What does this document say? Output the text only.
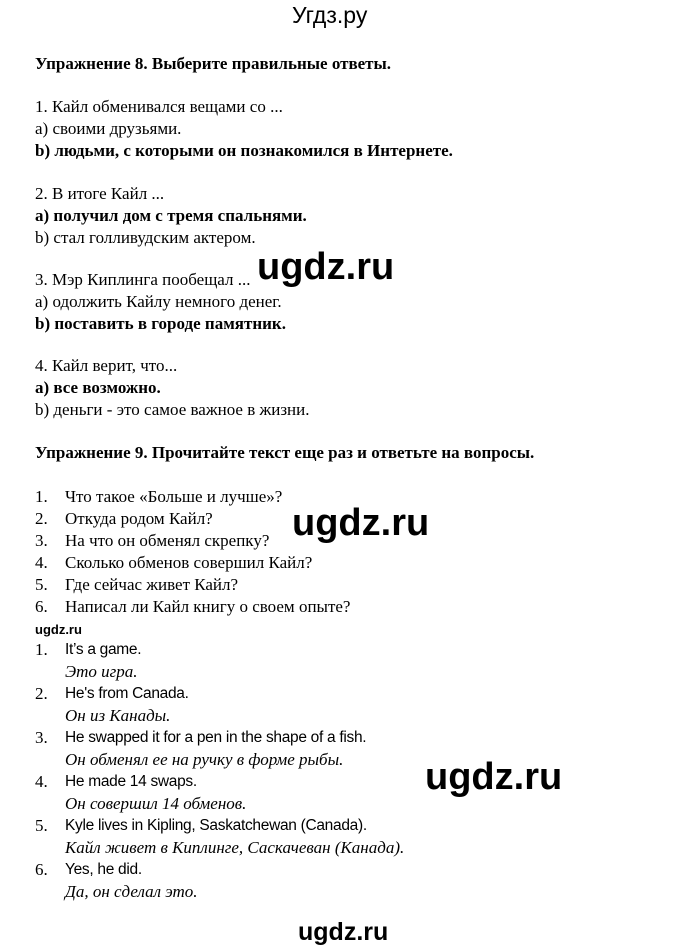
Угдз.ру
Упражнение 8. Выберите правильные ответы.
1. Кайл обменивался вещами со ...
а) своими друзьями.
b) людьми, с которыми он познакомился в Интернете.
2. В итоге Кайл ...
а) получил дом с тремя спальнями.
b) стал голливудским актером.
3. Мэр Киплинга пообещал ...
а) одолжить Кайлу немного денег.
b) поставить в городе памятник.
4. Кайл верит, что...
а) все возможно.
b) деньги - это самое важное в жизни.
Упражнение 9. Прочитайте текст еще раз и ответьте на вопросы.
1.	Что такое «Больше и лучше»?
2.	Откуда родом Кайл?
3.	На что он обменял скрепку?
4.	Сколько обменов совершил Кайл?
5.	Где сейчас живет Кайл?
6.	Написал ли Кайл книгу о своем опыте?
ugdz.ru
1.	It’s a game.
Это игра.
2.	He's from Canada.
Он из Канады.
3.	He swapped it for a pen in the shape of a fish.
Он обменял ее на ручку в форме рыбы.
4.	He made 14 swaps.
Он совершил 14 обменов.
5.	Kyle lives in Kipling, Saskatchewan (Canada).
Кайл живет в Киплинге, Саскачеван (Канада).
6.	Yes, he did.
Да, он сделал это.
ugdz.ru
ugdz.ru
ugdz.ru
ugdz.ru
